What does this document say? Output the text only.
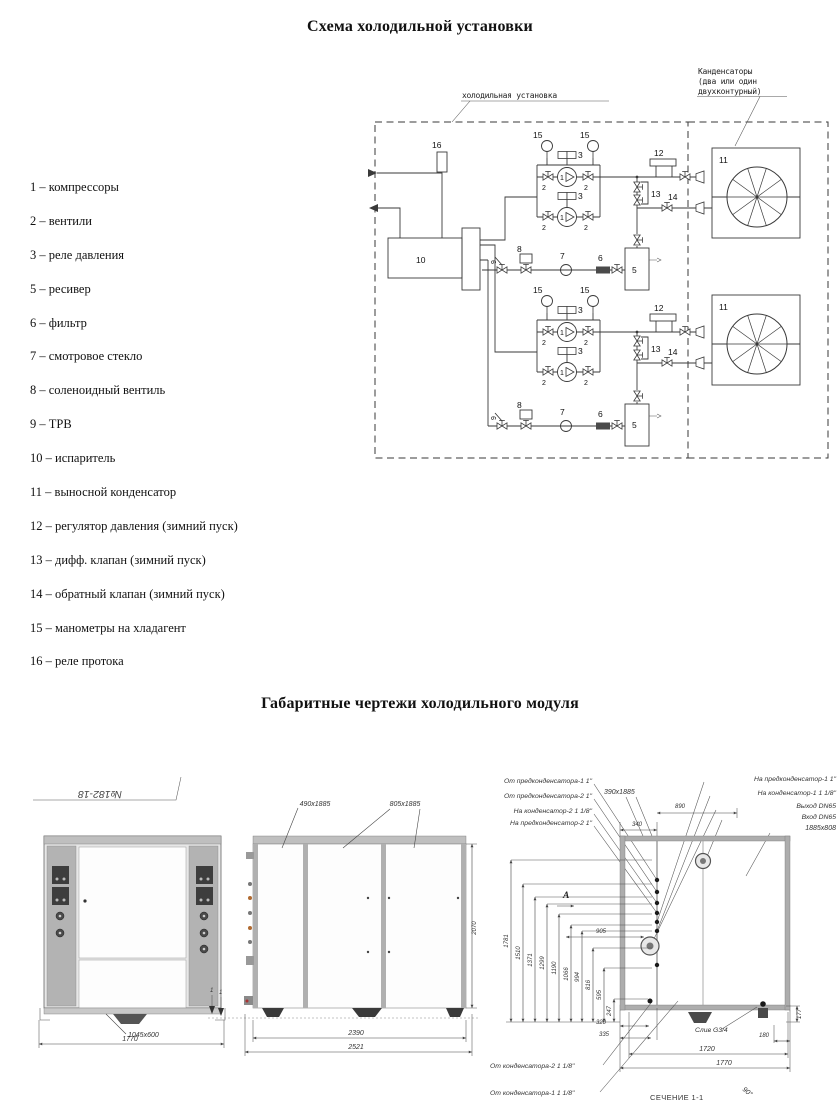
Схема холодильной установки
1 – компрессоры
2 – вентили
3 – реле давления
5 – ресивер
6 – фильтр
7 – смотровое стекло
8 – соленоидный вентиль
9 – ТРВ
10 – испаритель
11 – выносной конденсатор
12 – регулятор давления (зимний пуск)
13 – дифф. клапан (зимний пуск)
14 – обратный клапан (зимний пуск)
15 – манометры на хладагент
16 – реле протока
холодильная установка
Канденсаторы
(два или один
двухконтурный)
11
11
10
16
15	15
3
1
2	2
3
1
2	2
12
13 14
5
6
7
8
9
15	15
3
1
2	2
3
1
2	2
12
13 14
5
6
7
8
9
Габаритные чертежи холодильного модуля
№182-18
1045x600
1770
1
490x1885	805x1885
2070
2390
2521
1
От предконденсатора-1 1"
От предконденсатора-2 1"
На конденсатор-2 1 1/8"
На предконденсатор-2 1"
На предконденсатор-1 1"
На конденсатор-1 1 1/8"
Выход DN65
Вход DN65
1885x808
390x1885
340
890
1781
1510
1371 1299 1190 1066 994
816
595
247
А
905
320
335
Слив G3/4
180
1720
1770
177
От конденсатора-2 1 1/8"
От конденсатора-1 1 1/8"	СЕЧЕНИЕ 1-1	90°
